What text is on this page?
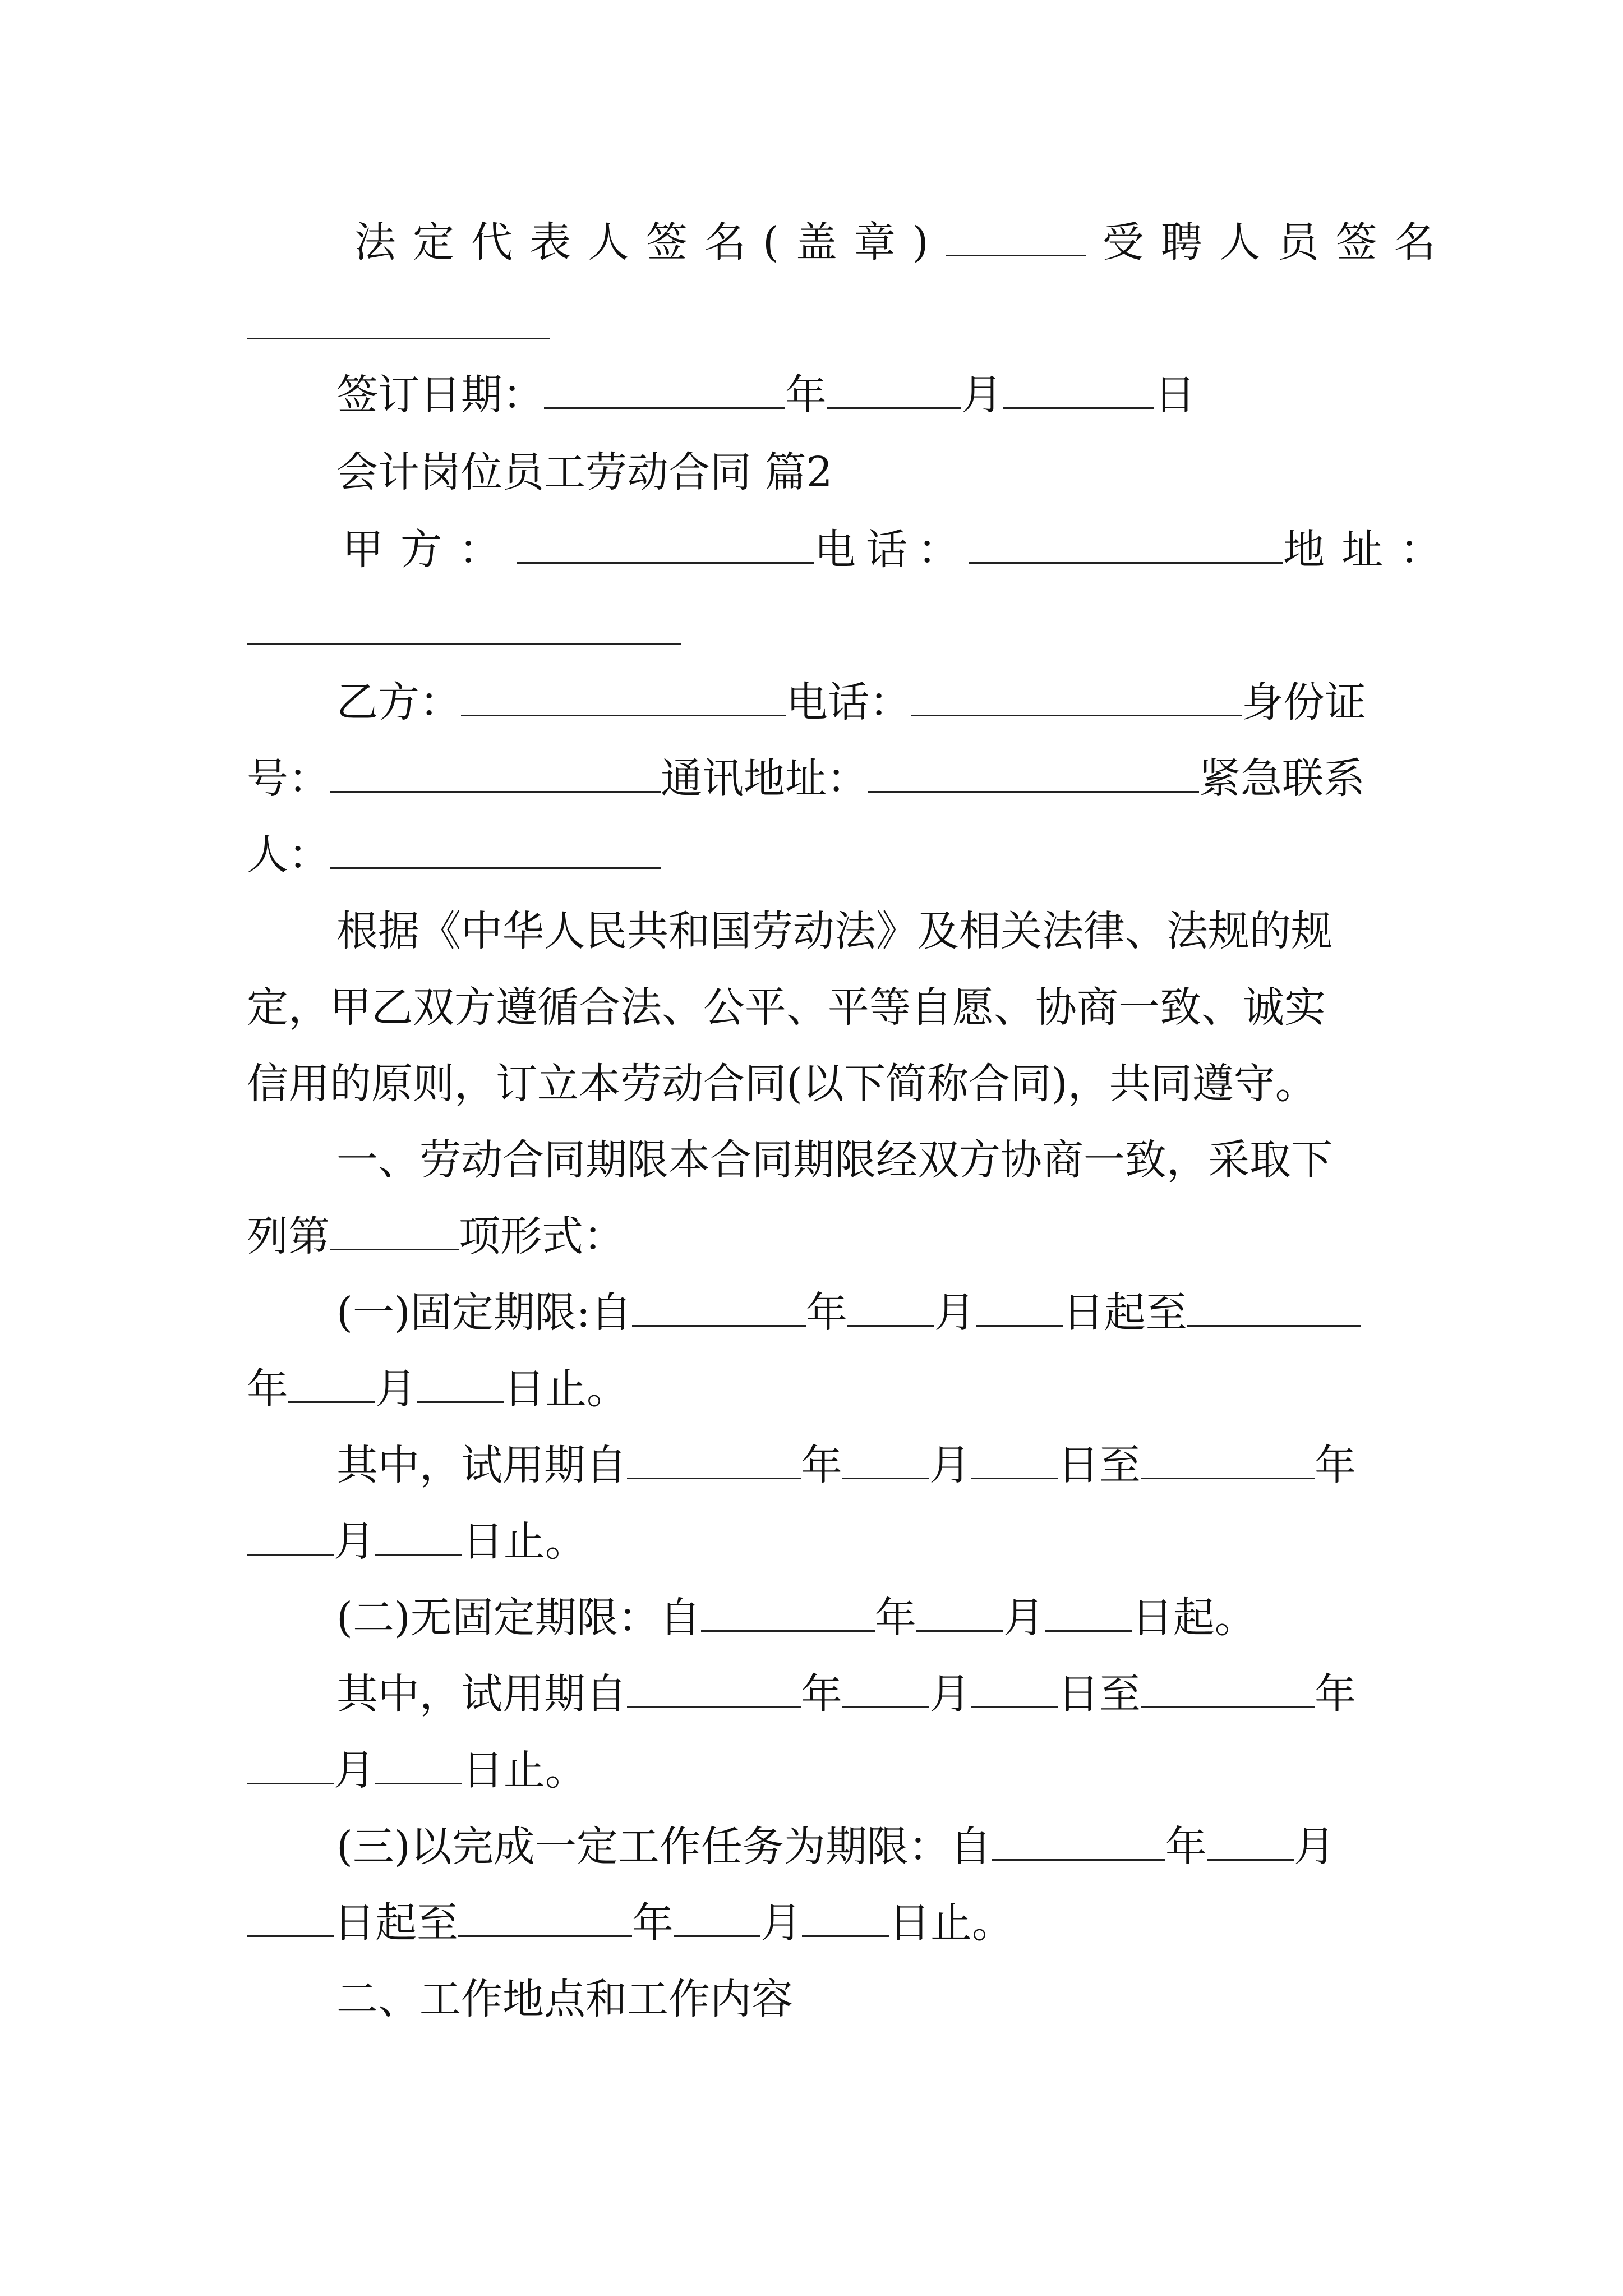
法定代表人签名(盖章)	受聘人员签名
签订日期：	年	月	日
会计岗位员工劳动合同 篇2
甲方：	电话：	地址：
乙方：	电话：	身份证
号：	通讯地址：	紧急联系
人：
根据《中华人民共和国劳动法》及相关法律、法规的规
定，甲乙双方遵循合法、公平、平等自愿、协商一致、诚实
信用的原则，订立本劳动合同(以下简称合同)，共同遵守。
一、劳动合同期限本合同期限经双方协商一致，采取下
列第	项形式：
(一)固定期限:自	年 月 日起至
年 月 日止。
其中，试用期自	年 月 日至	年
月 日止。
(二)无固定期限：自	年 月 日起。
其中，试用期自	年 月 日至	年
月 日止。
(三)以完成一定工作任务为期限：自	年 月
日起至	年 月 日止。
二、工作地点和工作内容
